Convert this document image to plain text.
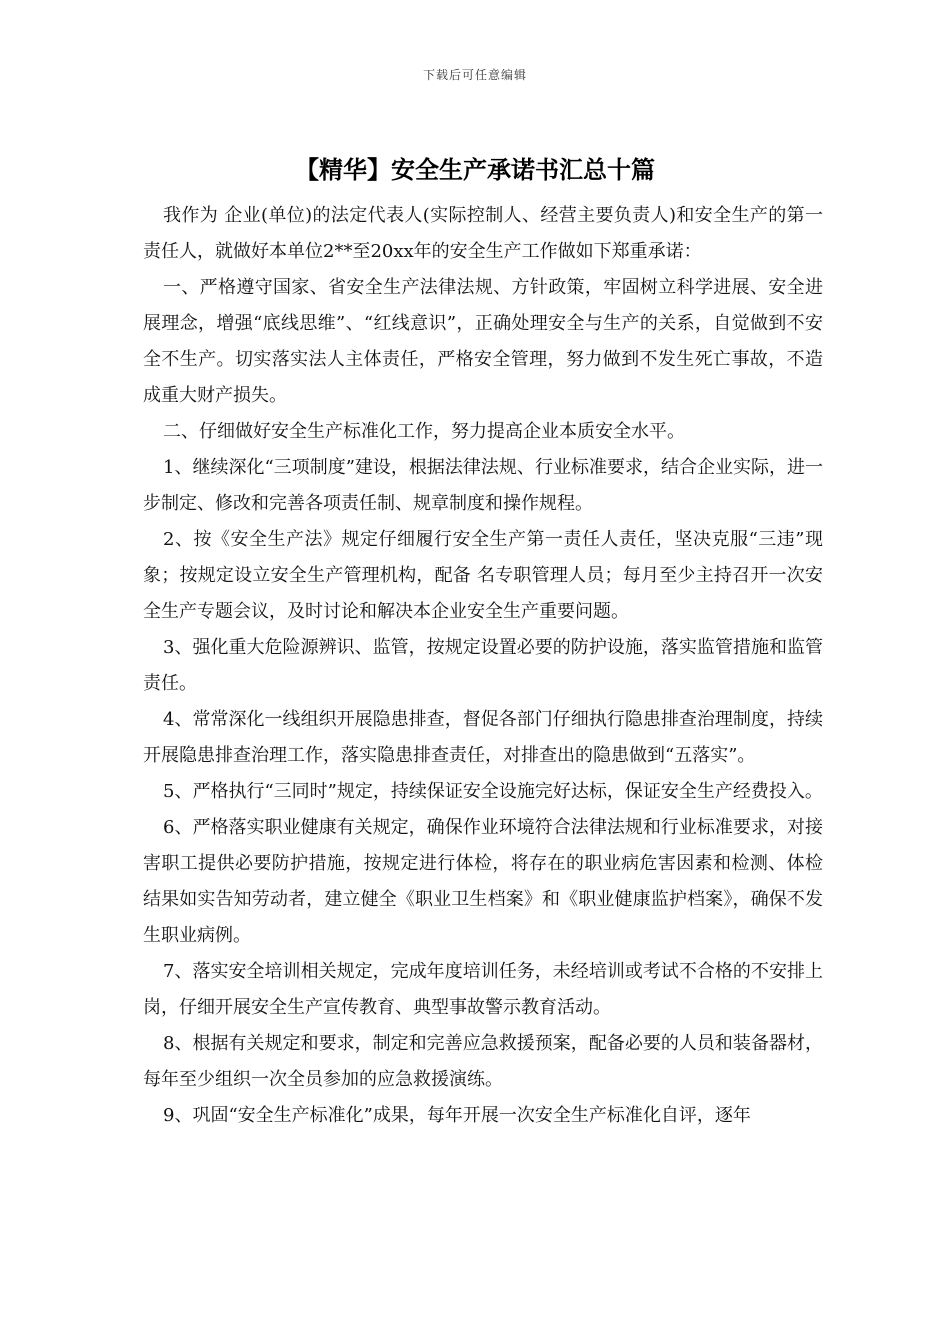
下载后可任意编辑
【精华】安全生产承诺书汇总十篇

我作为 企业(单位)的法定代表人(实际控制人、经营主要负责人)和安全生产的第一责任人，就做好本单位2**至20xx年的安全生产工作做如下郑重承诺：

一、严格遵守国家、省安全生产法律法规、方针政策，牢固树立科学进展、安全进展理念，增强“底线思维”、“红线意识”，正确处理安全与生产的关系，自觉做到不安全不生产。切实落实法人主体责任，严格安全管理，努力做到不发生死亡事故，不造成重大财产损失。

二、仔细做好安全生产标准化工作，努力提高企业本质安全水平。

1、继续深化“三项制度”建设，根据法律法规、行业标准要求，结合企业实际，进一步制定、修改和完善各项责任制、规章制度和操作规程。

2、按《安全生产法》规定仔细履行安全生产第一责任人责任，坚决克服“三违”现象；按规定设立安全生产管理机构，配备 名专职管理人员；每月至少主持召开一次安全生产专题会议，及时讨论和解决本企业安全生产重要问题。

3、强化重大危险源辨识、监管，按规定设置必要的防护设施，落实监管措施和监管责任。

4、常常深化一线组织开展隐患排查，督促各部门仔细执行隐患排查治理制度，持续开展隐患排查治理工作，落实隐患排查责任，对排查出的隐患做到“五落实”。

5、严格执行“三同时”规定，持续保证安全设施完好达标，保证安全生产经费投入。

6、严格落实职业健康有关规定，确保作业环境符合法律法规和行业标准要求，对接害职工提供必要防护措施，按规定进行体检，将存在的职业病危害因素和检测、体检结果如实告知劳动者，建立健全《职业卫生档案》和《职业健康监护档案》，确保不发生职业病例。

7、落实安全培训相关规定，完成年度培训任务，未经培训或考试不合格的不安排上岗，仔细开展安全生产宣传教育、典型事故警示教育活动。

8、根据有关规定和要求，制定和完善应急救援预案，配备必要的人员和装备器材，每年至少组织一次全员参加的应急救援演练。

9、巩固“安全生产标准化”成果，每年开展一次安全生产标准化自评，逐年
